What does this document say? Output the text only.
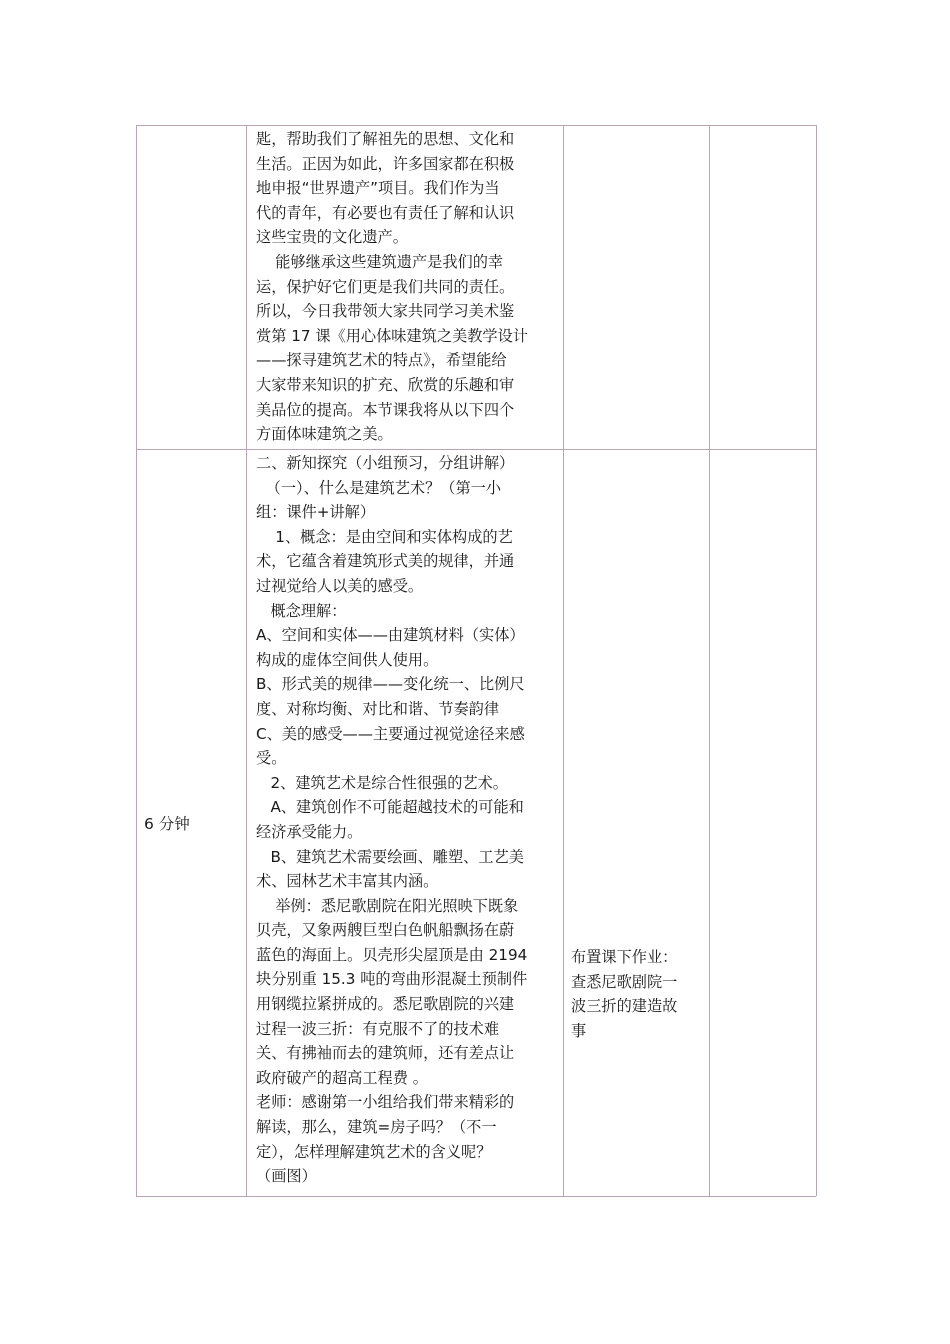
匙，帮助我们了解祖先的思想、文化和
生活。正因为如此，许多国家都在积极
地申报“世界遗产”项目。我们作为当
代的青年，有必要也有责任了解和认识
这些宝贵的文化遗产。
能够继承这些建筑遗产是我们的幸
运，保护好它们更是我们共同的责任。
所以，今日我带领大家共同学习美术鉴
赏第 17 课《用心体味建筑之美教学设计
——探寻建筑艺术的特点》，希望能给
大家带来知识的扩充、欣赏的乐趣和审
美品位的提高。本节课我将从以下四个
方面体味建筑之美。
6 分钟
二、新知探究（小组预习，分组讲解）
（一）、什么是建筑艺术？（第一小
组：课件+讲解）
1、概念：是由空间和实体构成的艺
术，它蕴含着建筑形式美的规律，并通
过视觉给人以美的感受。
概念理解：
A、空间和实体——由建筑材料（实体）
构成的虚体空间供人使用。
B、形式美的规律——变化统一、比例尺
度、对称均衡、对比和谐、节奏韵律
C、美的感受——主要通过视觉途径来感
受。
2、建筑艺术是综合性很强的艺术。
A、建筑创作不可能超越技术的可能和
经济承受能力。
B、建筑艺术需要绘画、雕塑、工艺美
术、园林艺术丰富其内涵。
举例：悉尼歌剧院在阳光照映下既象
贝壳，又象两艘巨型白色帆船飘扬在蔚
蓝色的海面上。贝壳形尖屋顶是由 2194
块分别重 15.3 吨的弯曲形混凝土预制件
用钢缆拉紧拼成的。悉尼歌剧院的兴建
过程一波三折：有克服不了的技术难
关、有拂袖而去的建筑师，还有差点让
政府破产的超高工程费 。
老师：感谢第一小组给我们带来精彩的
解读，那么，建筑=房子吗？（不一
定），怎样理解建筑艺术的含义呢？
（画图）
布置课下作业：
查悉尼歌剧院一
波三折的建造故
事
